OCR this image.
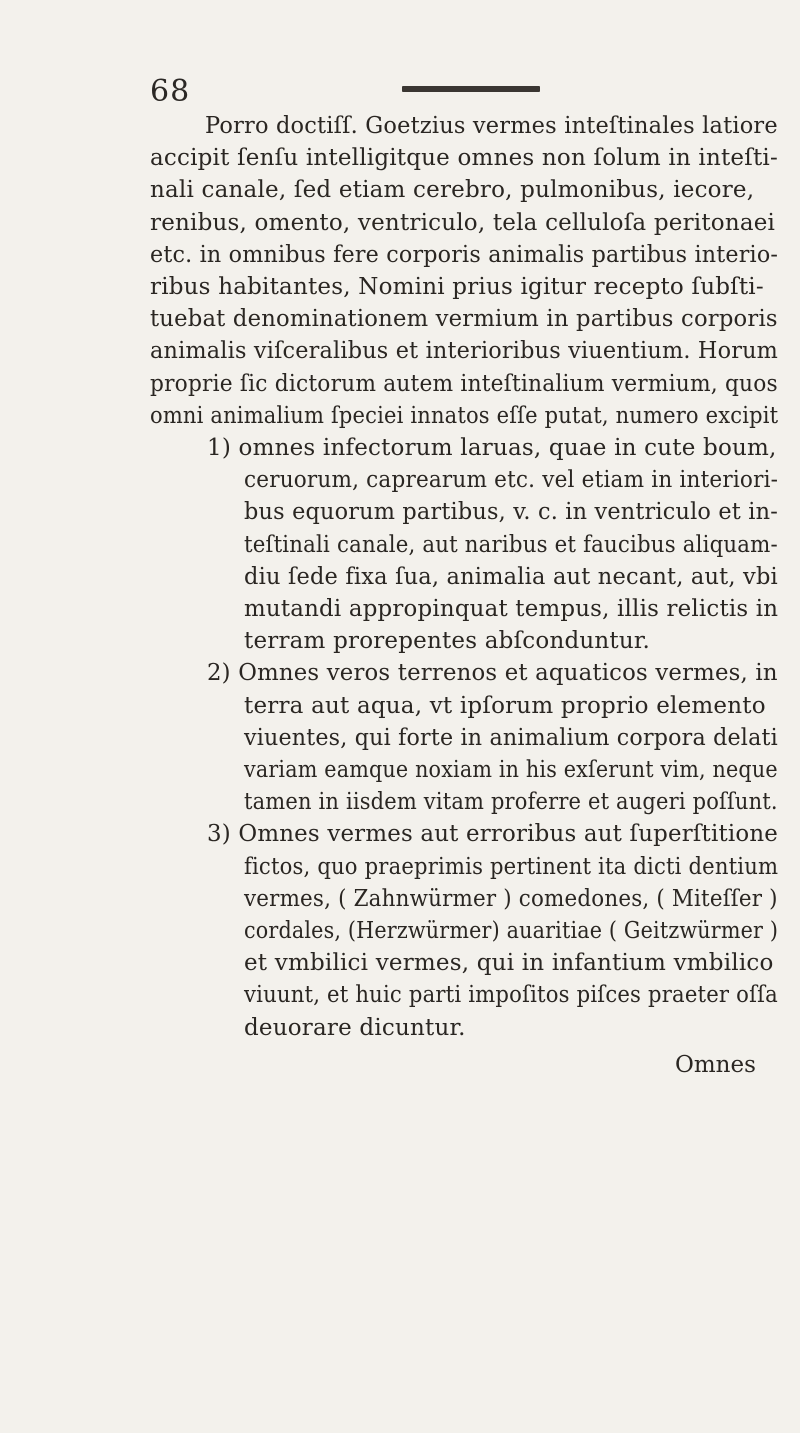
68
Porro doctiſſ. Goetzius vermes inteſtinales latiore
accipit ſenſu intelligitque omnes non ſolum in inteſti-
nali canale, ſed etiam cerebro, pulmonibus, iecore,
renibus, omento, ventriculo, tela celluloſa peritonaei
etc. in omnibus fere corporis animalis partibus interio-
ribus habitantes, Nomini prius igitur recepto ſubſti-
tuebat denominationem vermium in partibus corporis
animalis viſceralibus et interioribus viuentium. Horum
proprie ſic dictorum autem inteſtinalium vermium, quos
omni animalium ſpeciei innatos eſſe putat, numero excipit
1) omnes infectorum laruas, quae in cute boum,
ceruorum, caprearum etc. vel etiam in interiori-
bus equorum partibus, v. c. in ventriculo et in-
teſtinali canale, aut naribus et faucibus aliquam-
diu ſede fixa ſua, animalia aut necant, aut, vbi
mutandi appropinquat tempus, illis relictis in
terram prorepentes abſconduntur.
2) Omnes veros terrenos et aquaticos vermes, in
terra aut aqua, vt ipſorum proprio elemento
viuentes, qui forte in animalium corpora delati
variam eamque noxiam in his exſerunt vim, neque
tamen in iisdem vitam proferre et augeri poſſunt.
3) Omnes vermes aut erroribus aut ſuperſtitione
fictos, quo praeprimis pertinent ita dicti dentium
vermes, ( Zahnwürmer ) comedones, ( Miteſſer )
cordales, (Herzwürmer) auaritiae ( Geitzwürmer )
et vmbilici vermes, qui in infantium vmbilico
viuunt, et huic parti impoſitos piſces praeter oſſa
deuorare dicuntur.
Omnes
